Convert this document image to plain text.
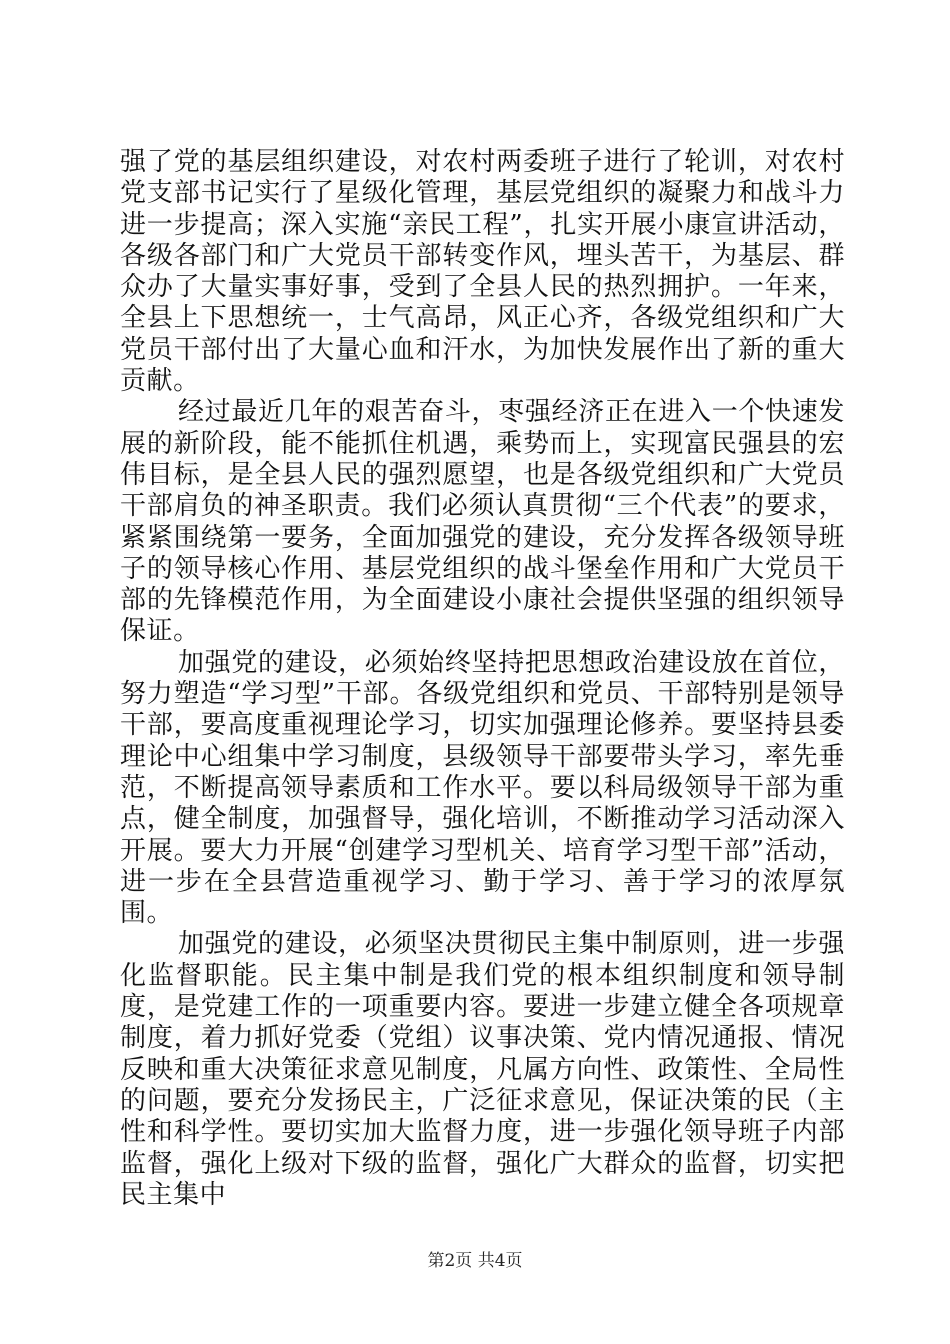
强了党的基层组织建设，对农村两委班子进行了轮训，对农村党支部书记实行了星级化管理，基层党组织的凝聚力和战斗力进一步提高；深入实施“亲民工程”，扎实开展小康宣讲活动，各级各部门和广大党员干部转变作风，埋头苦干，为基层、群众办了大量实事好事，受到了全县人民的热烈拥护。一年来，全县上下思想统一，士气高昂，风正心齐，各级党组织和广大党员干部付出了大量心血和汗水，为加快发展作出了新的重大贡献。

经过最近几年的艰苦奋斗，枣强经济正在进入一个快速发展的新阶段，能不能抓住机遇，乘势而上，实现富民强县的宏伟目标，是全县人民的强烈愿望，也是各级党组织和广大党员干部肩负的神圣职责。我们必须认真贯彻“三个代表”的要求，紧紧围绕第一要务，全面加强党的建设，充分发挥各级领导班子的领导核心作用、基层党组织的战斗堡垒作用和广大党员干部的先锋模范作用，为全面建设小康社会提供坚强的组织领导保证。

加强党的建设，必须始终坚持把思想政治建设放在首位，努力塑造“学习型”干部。各级党组织和党员、干部特别是领导干部，要高度重视理论学习，切实加强理论修养。要坚持县委理论中心组集中学习制度，县级领导干部要带头学习，率先垂范，不断提高领导素质和工作水平。要以科局级领导干部为重点，健全制度，加强督导，强化培训，不断推动学习活动深入开展。要大力开展“创建学习型机关、培育学习型干部”活动，进一步在全县营造重视学习、勤于学习、善于学习的浓厚氛围。

加强党的建设，必须坚决贯彻民主集中制原则，进一步强化监督职能。民主集中制是我们党的根本组织制度和领导制度，是党建工作的一项重要内容。要进一步建立健全各项规章制度，着力抓好党委（党组）议事决策、党内情况通报、情况反映和重大决策征求意见制度，凡属方向性、政策性、全局性的问题，要充分发扬民主，广泛征求意见，保证决策的民（主性和科学性。要切实加大监督力度，进一步强化领导班子内部监督，强化上级对下级的监督，强化广大群众的监督，切实把民主集中

第2页 共4页
